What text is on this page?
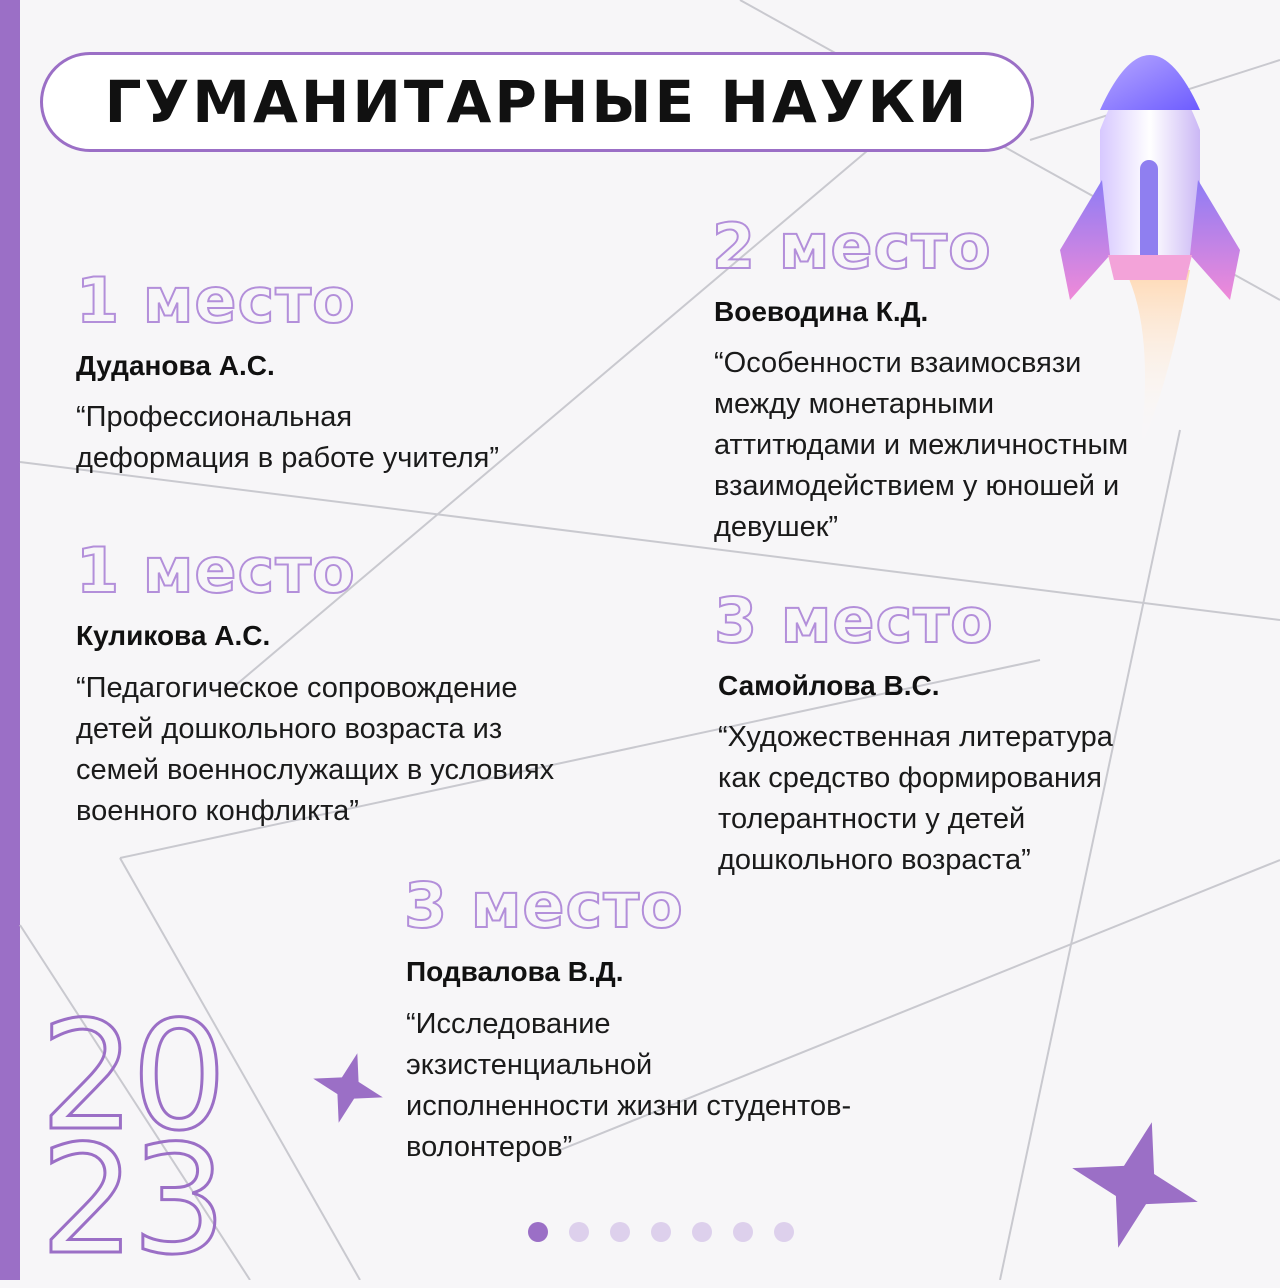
ГУМАНИТАРНЫЕ НАУКИ
1 место
Дуданова А.С.
“Профессиональная
деформация в работе учителя”
1 место
Куликова А.С.
“Педагогическое сопровождение
детей дошкольного возраста из
семей военнослужащих в условиях
военного конфликта”
2 место
Воеводина К.Д.
“Особенности взаимосвязи
между монетарными
аттитюдами и межличностным
взаимодействием у юношей и
девушек”
3 место
Самойлова В.С.
“Художественная литература
как средство формирования
толерантности у детей
дошкольного возраста”
3 место
Подвалова В.Д.
“Исследование
экзистенциальной
исполненности жизни студентов-
волонтеров”
20
23
